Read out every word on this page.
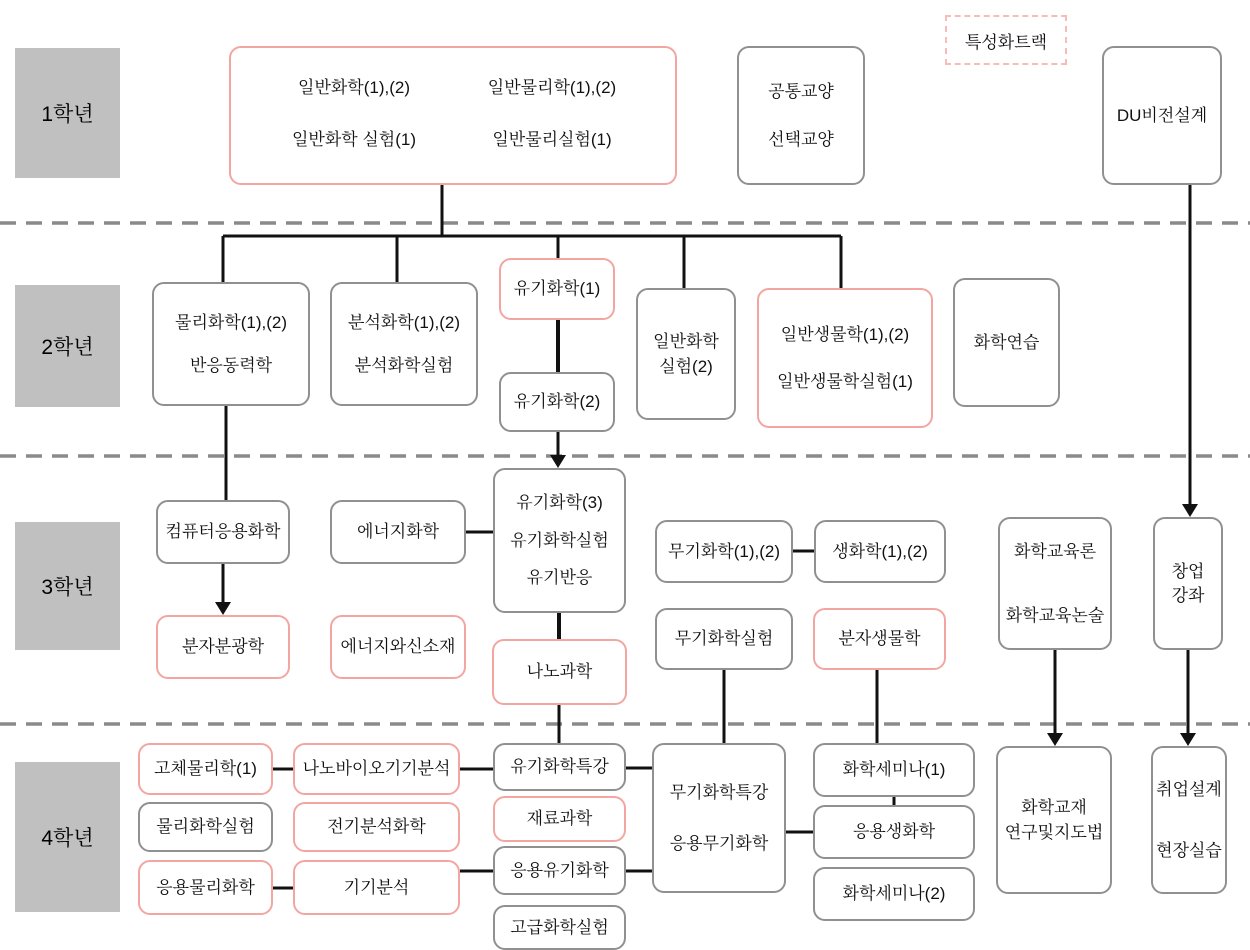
1학년
2학년
3학년
4학년
특성화트랙
일반화학(1),(2)	일반물리학(1),(2)
일반화학 실험(1)	일반물리실험(1)
공통교양
선택교양
DU비전설계
물리화학(1),(2)
반응동력학
분석화학(1),(2)
분석화학실험
유기화학(1)
유기화학(2)
일반화학
실험(2)
일반생물학(1),(2)
일반생물학실험(1)
화학연습
컴퓨터응용화학
분자분광학
에너지화학
에너지와신소재
유기화학(3)
유기화학실험
유기반응
나노과학
무기화학(1),(2)	생화학(1),(2)
무기화학실험	분자생물학
화학교육론
화학교육논술
창업
강좌
고체물리학(1)	나노바이오기기분석	유기화학특강
물리화학실험	전기분석화학	재료과학
응용물리화학	기기분석
응용유기화학
고급화학실험
무기화학특강
응용무기화학
화학세미나(1)
응용생화학
화학세미나(2)
화학교재
연구및지도법
취업설계
현장실습
